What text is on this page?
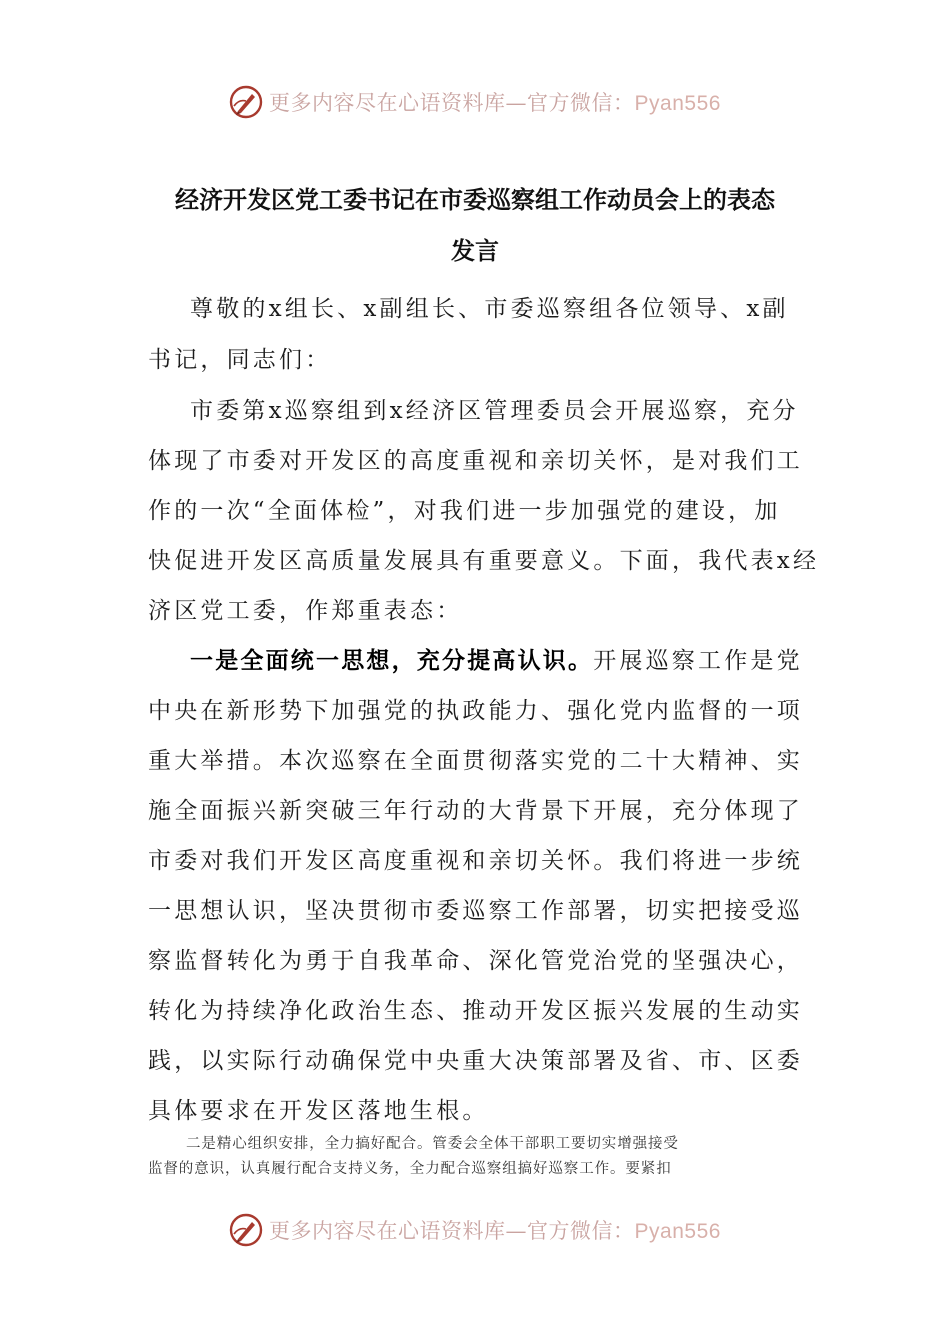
更多内容尽在心语资料库—官方微信：Pyan556
经济开发区党工委书记在市委巡察组工作动员会上的表态
发言

尊敬的x组长、x副组长、市委巡察组各位领导、x副

书记，同志们：

市委第x巡察组到x经济区管理委员会开展巡察，充分

体现了市委对开发区的高度重视和亲切关怀，是对我们工

作的一次“全面体检”，对我们进一步加强党的建设，加

快促进开发区高质量发展具有重要意义。下面，我代表x经

济区党工委，作郑重表态：

一是全面统一思想，充分提高认识。开展巡察工作是党

中央在新形势下加强党的执政能力、强化党内监督的一项

重大举措。本次巡察在全面贯彻落实党的二十大精神、实

施全面振兴新突破三年行动的大背景下开展，充分体现了

市委对我们开发区高度重视和亲切关怀。我们将进一步统

一思想认识，坚决贯彻市委巡察工作部署，切实把接受巡

察监督转化为勇于自我革命、深化管党治党的坚强决心，

转化为持续净化政治生态、推动开发区振兴发展的生动实

践，以实际行动确保党中央重大决策部署及省、市、区委

具体要求在开发区落地生根。

二是精心组织安排，全力搞好配合。管委会全体干部职工要切实增强接受

监督的意识，认真履行配合支持义务，全力配合巡察组搞好巡察工作。要紧扣

更多内容尽在心语资料库—官方微信：Pyan556
